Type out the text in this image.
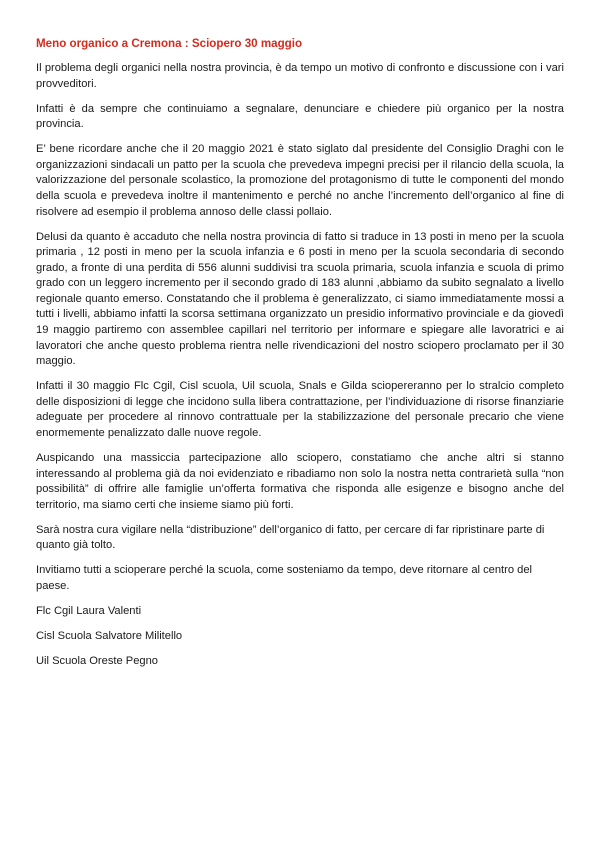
Meno organico a Cremona : Sciopero 30 maggio

Il problema degli organici nella nostra provincia, è da tempo un motivo di confronto e discussione con i vari provveditori.

Infatti è da sempre che continuiamo a segnalare, denunciare e chiedere più organico per la nostra provincia.

E’ bene ricordare anche che il 20 maggio 2021 è stato siglato dal presidente del Consiglio Draghi con le organizzazioni sindacali un patto per la scuola che prevedeva impegni precisi per il rilancio della scuola, la valorizzazione del personale scolastico, la promozione del protagonismo di tutte le componenti del mondo della scuola e prevedeva inoltre il mantenimento e perché no anche l’incremento dell’organico al fine di risolvere ad esempio il problema annoso delle classi pollaio.

Delusi da quanto è accaduto che nella nostra provincia di fatto si traduce in 13 posti in meno per la scuola primaria , 12 posti in meno per la scuola infanzia e 6 posti in meno per la scuola secondaria di secondo grado, a fronte di una perdita di 556 alunni suddivisi tra scuola primaria, scuola infanzia e scuola di primo grado con un leggero incremento per il secondo grado di 183 alunni ,abbiamo da subito segnalato a livello regionale quanto emerso. Constatando che il problema è generalizzato, ci siamo immediatamente mossi a tutti i livelli, abbiamo infatti la scorsa settimana organizzato un presidio informativo provinciale e da giovedì 19 maggio partiremo con assemblee capillari nel territorio per informare e spiegare alle lavoratrici e ai lavoratori che anche questo problema rientra nelle rivendicazioni del nostro sciopero proclamato per il 30 maggio.

Infatti il 30 maggio Flc Cgil, Cisl scuola, Uil scuola, Snals e Gilda sciopereranno per lo stralcio completo delle disposizioni di legge che incidono sulla libera contrattazione, per l’individuazione di risorse finanziarie adeguate per procedere al rinnovo contrattuale per la stabilizzazione del personale precario che viene enormemente penalizzato dalle nuove regole.

Auspicando una massiccia partecipazione allo sciopero, constatiamo che anche altri si stanno interessando al problema già da noi evidenziato e ribadiamo non solo la nostra netta contrarietà sulla “non possibilità” di offrire alle famiglie un’offerta formativa che risponda alle esigenze e bisogno anche del territorio, ma siamo certi che insieme siamo più forti.

Sarà nostra cura vigilare nella “distribuzione” dell’organico di fatto, per cercare di far ripristinare parte di quanto già tolto.

Invitiamo tutti a scioperare perché la scuola, come sosteniamo da tempo, deve ritornare al centro del paese.

Flc Cgil Laura Valenti

Cisl Scuola Salvatore Militello

Uil Scuola Oreste Pegno
